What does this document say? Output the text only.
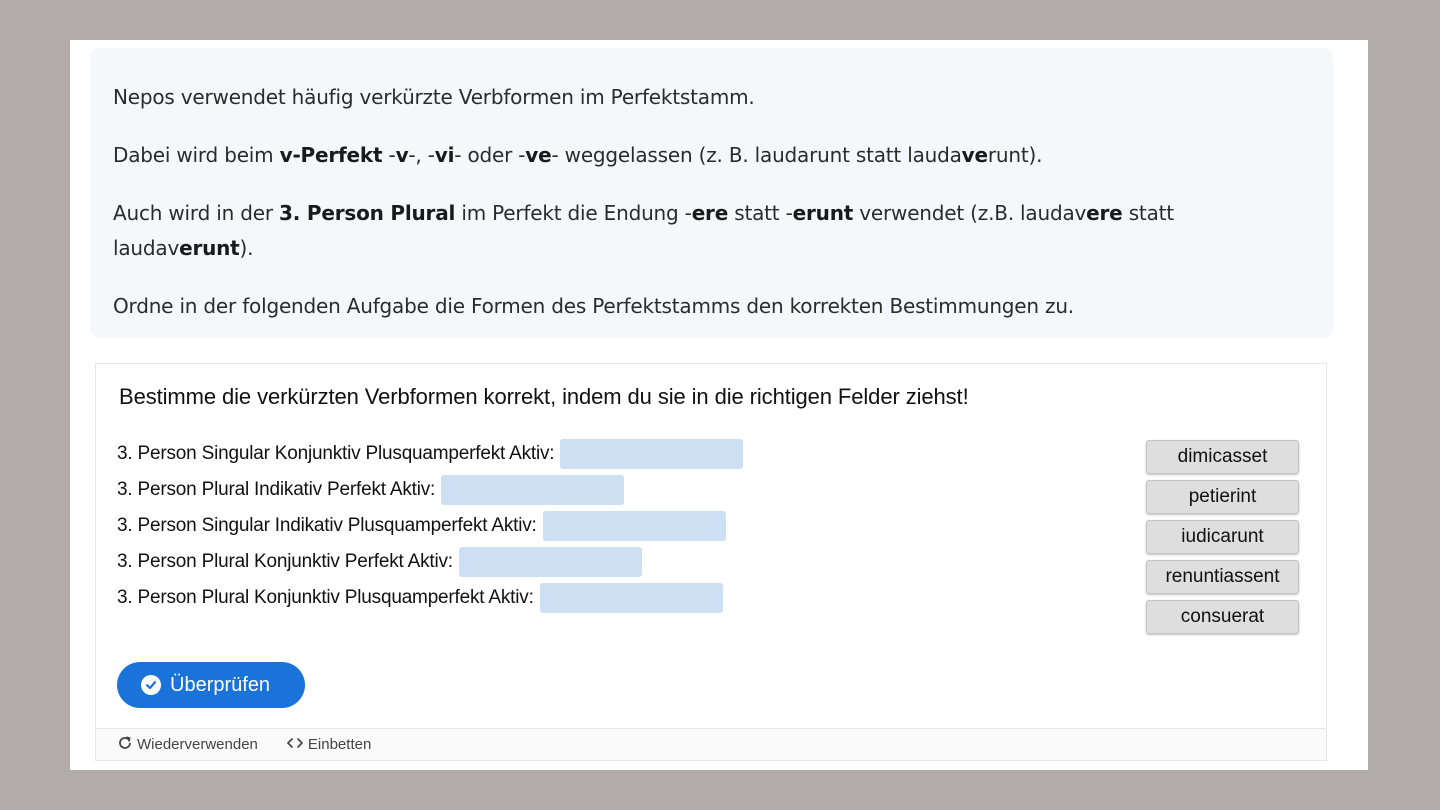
Nepos verwendet häufig verkürzte Verbformen im Perfektstamm.

Dabei wird beim v-Perfekt -v-, -vi- oder -ve- weggelassen (z. B. laudarunt statt laudaverunt).

Auch wird in der 3. Person Plural im Perfekt die Endung -ere statt -erunt verwendet (z.B. laudavere statt laudaverunt).

Ordne in der folgenden Aufgabe die Formen des Perfektstamms den korrekten Bestimmungen zu.

Bestimme die verkürzten Verbformen korrekt, indem du sie in die richtigen Felder ziehst!
3. Person Singular Konjunktiv Plusquamperfekt Aktiv:
3. Person Plural Indikativ Perfekt Aktiv:
3. Person Singular Indikativ Plusquamperfekt Aktiv:
3. Person Plural Konjunktiv Perfekt Aktiv:
3. Person Plural Konjunktiv Plusquamperfekt Aktiv:
dimicasset
petierint
iudicarunt
renuntiassent
consuerat
Überprüfen
Wiederverwenden	Einbetten
